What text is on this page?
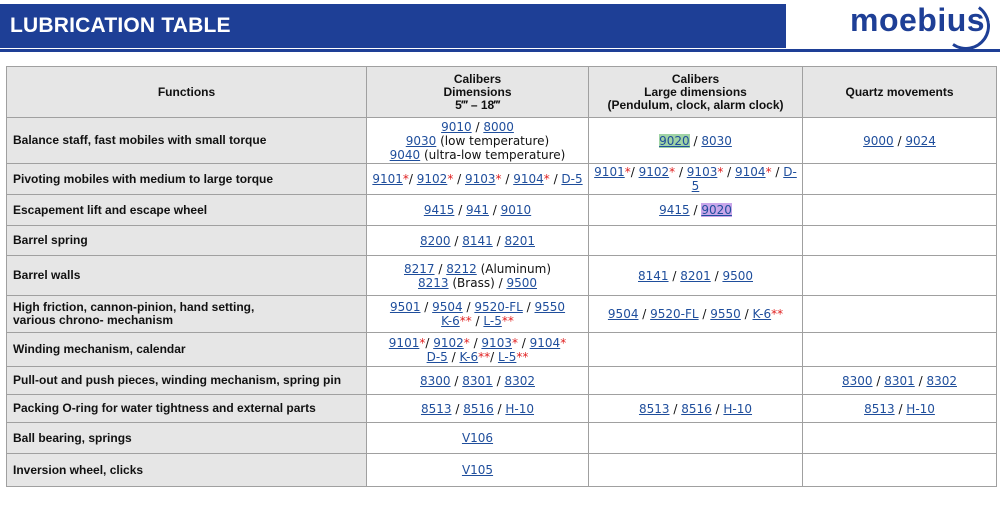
LUBRICATION TABLE	moebius
Functions	Calibers
Dimensions
5‴ – 18‴	Calibers
Large dimensions
(Pendulum, clock, alarm clock)	Quartz movements
Balance staff, fast mobiles with small torque	9010 / 8000
9030 (low temperature)
9040 (ultra-low temperature)	9020 / 8030	9000 / 9024
Pivoting mobiles with medium to large torque	9101*/ 9102* / 9103* / 9104* / D-5	9101*/ 9102* / 9103* / 9104* / D-5	
Escapement lift and escape wheel	9415 / 941 / 9010	9415 / 9020	
Barrel spring	8200 / 8141 / 8201		
Barrel walls	8217 / 8212 (Aluminum)
8213 (Brass) / 9500	8141 / 8201 / 9500	
High friction, cannon-pinion, hand setting,
various chrono- mechanism	9501 / 9504 / 9520-FL / 9550
K-6** / L-5**	9504 / 9520-FL / 9550 / K-6**	
Winding mechanism, calendar	9101*/ 9102* / 9103* / 9104*
D-5 / K-6**/ L-5**		
Pull-out and push pieces, winding mechanism, spring pin	8300 / 8301 / 8302		8300 / 8301 / 8302
Packing O-ring for water tightness and external parts	8513 / 8516 / H-10	8513 / 8516 / H-10	8513 / H-10
Ball bearing, springs	V106		
Inversion wheel, clicks	V105		
